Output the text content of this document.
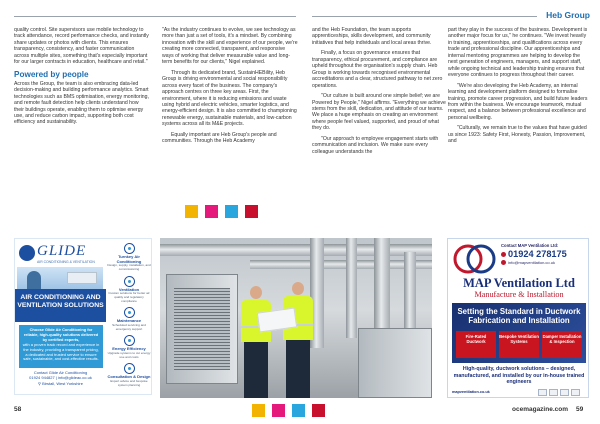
Heb Group

quality control. Site supervisors use mobile technology to track attendance, record performance checks, and instantly share updates or photos with clients. This ensures transparency, consistency, and faster communication across multiple sites, something that's especially important for our larger contracts in education, healthcare and retail."

Powered by people

Across the Group, the team is also embracing data-led decision-making and building performance analytics. Smart technologies such as BMS optimisation, energy monitoring, and remote fault detection help clients understand how their buildings operate, enabling them to optimise energy use, and reduce carbon impact, supporting both cost efficiency and sustainability.

"As the industry continues to evolve, we see technology as more than just a set of tools, it's a mindset. By combining innovation with the skill and experience of our people, we're creating more connected, transparent, and responsive ways of working that deliver measurable value and long-term benefits for our clients," Nigel explained.

Through its dedicated brand, SustainHEBility, Heb Group is driving environmental and social responsibility across every facet of the business. The company's approach centres on three key areas. First, the environment, where it is reducing emissions and waste using hybrid and electric vehicles, smarter logistics, and energy-efficient design. It is also committed to championing renewable energy, sustainable materials, and low-carbon systems across all its M&E projects.

Equally important are Heb Group's people and communities. Through the Heb Academy

and the Heb Foundation, the team supports apprenticeships, skills development, and community initiatives that help individuals and local areas thrive.

Finally, a focus on governance ensures that transparency, ethical procurement, and compliance are upheld throughout the organisation's supply chain. Heb Group is working towards recognised environmental accreditations and a clear, structured pathway to net zero operations.

"Our culture is built around one simple belief; we are Powered by People," Nigel affirms. "Everything we achieve stems from the skill, dedication, and attitude of our teams. We place a huge emphasis on creating an environment where people feel valued, supported, and proud of what they do.

"Our approach to employee engagement starts with communication and inclusion. We make sure every colleague understands the

part they play in the success of the business. Development is another major focus for us," he continues. "We invest heavily in training, apprenticeships, and qualifications across every trade and professional discipline. Our apprenticeships and internal mentoring programmes are helping to develop the next generation of engineers, managers, and support staff, while ongoing technical and leadership training ensures that everyone continues to progress throughout their career.

"We're also developing the Heb Academy, an internal learning and development platform designed to formalise training, promote career progression, and build future leaders from within the business. We encourage teamwork, mutual respect, and a balance between professional excellence and personal wellbeing.

"Culturally, we remain true to the values that have guided us since 1923: Safety First, Honesty, Passion, Improvement, and

GLIDE
AIR CONDITIONING & VENTILATION
AIR CONDITIONING AND VENTILATION SOLUTIONS
Choose Glide Air Conditioning for reliable, high-quality solutions delivered by certified experts,
with a proven track record and experience in the industry, providing a transparent pricing, a dedicated and trusted service to ensure safe, sustainable, and cost-effective results.
Contact Glide Air Conditioning
01924 944827 | info@glideac.co.uk
⚲ Birstall, West Yorkshire
Turnkey Air Conditioning
Design, supply, installation, and commissioning
Ventilation
Custom solutions for better air quality and regulatory compliance
Maintenance
Scheduled servicing and emergency support
Energy Efficiency
Upgrade systems to cut energy use and costs
Consultation & Design
Expert advice and bespoke system planning
Contact MAP Ventilation Ltd:
01924 278175
info@mapventilation.co.uk
MAP Ventilation Ltd
Manufacture & Installation
Setting the Standard in Ductwork Fabrication and Installation
Fire-Rated Ductwork
Bespoke Ventilation Systems
Damper Installation & Inspection
High-quality, ductwork solutions – designed, manufactured, and installed by our in-house trained engineers
mapventilation.co.uk
58	ocemagazine.com 59
